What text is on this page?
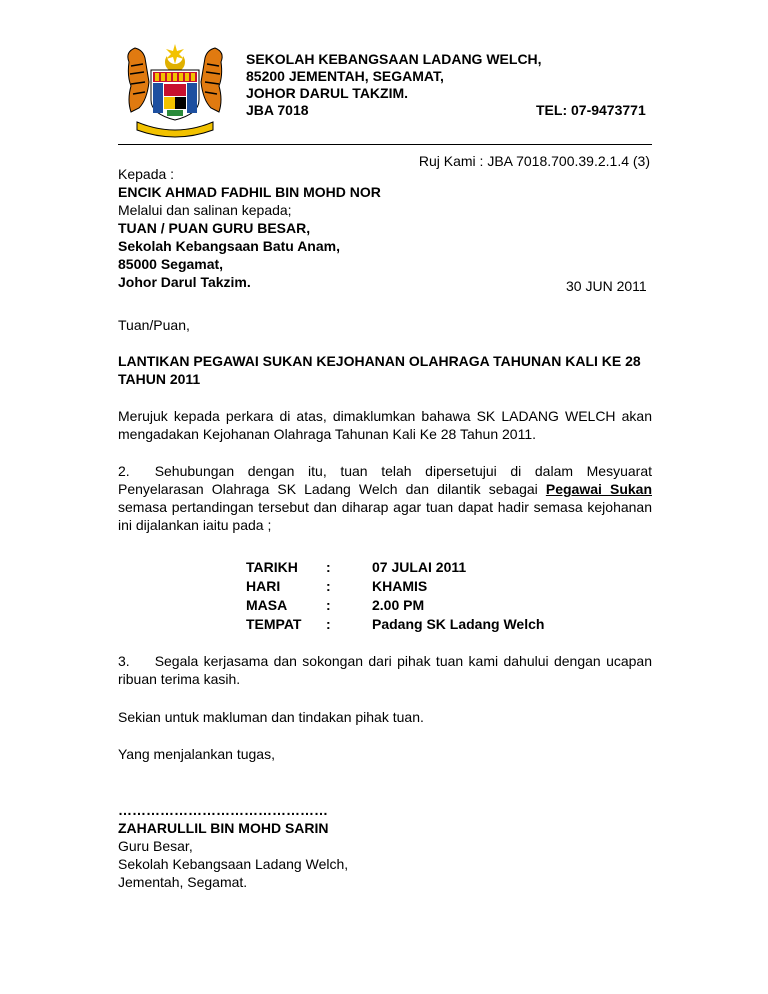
SEKOLAH KEBANGSAAN LADANG WELCH,
85200 JEMENTAH, SEGAMAT,
JOHOR DARUL TAKZIM.
JBA 7018	TEL: 07-9473771
Ruj Kami : JBA 7018.700.39.2.1.4 (3)
Kepada :
ENCIK AHMAD FADHIL BIN MOHD NOR
Melalui dan salinan kepada;
TUAN / PUAN GURU BESAR,
Sekolah Kebangsaan Batu Anam,
85000 Segamat,
Johor Darul Takzim.	30 JUN 2011
Tuan/Puan,
LANTIKAN PEGAWAI SUKAN KEJOHANAN OLAHRAGA TAHUNAN KALI KE 28 TAHUN 2011
Merujuk kepada perkara di atas, dimaklumkan bahawa SK LADANG WELCH akan mengadakan Kejohanan Olahraga Tahunan Kali Ke 28 Tahun 2011.
2. Sehubungan dengan itu, tuan telah dipersetujui di dalam Mesyuarat Penyelarasan Olahraga SK Ladang Welch dan dilantik sebagai Pegawai Sukan semasa pertandingan tersebut dan diharap agar tuan dapat hadir semasa kejohanan ini dijalankan iaitu pada ;
TARIKH	:	07 JULAI 2011
HARI	:	KHAMIS
MASA	:	2.00 PM
TEMPAT	:	Padang SK Ladang Welch
3. Segala kerjasama dan sokongan dari pihak tuan kami dahului dengan ucapan ribuan terima kasih.
Sekian untuk makluman dan tindakan pihak tuan.
Yang menjalankan tugas,
………………………………………
ZAHARULLIL BIN MOHD SARIN
Guru Besar,
Sekolah Kebangsaan Ladang Welch,
Jementah, Segamat.
